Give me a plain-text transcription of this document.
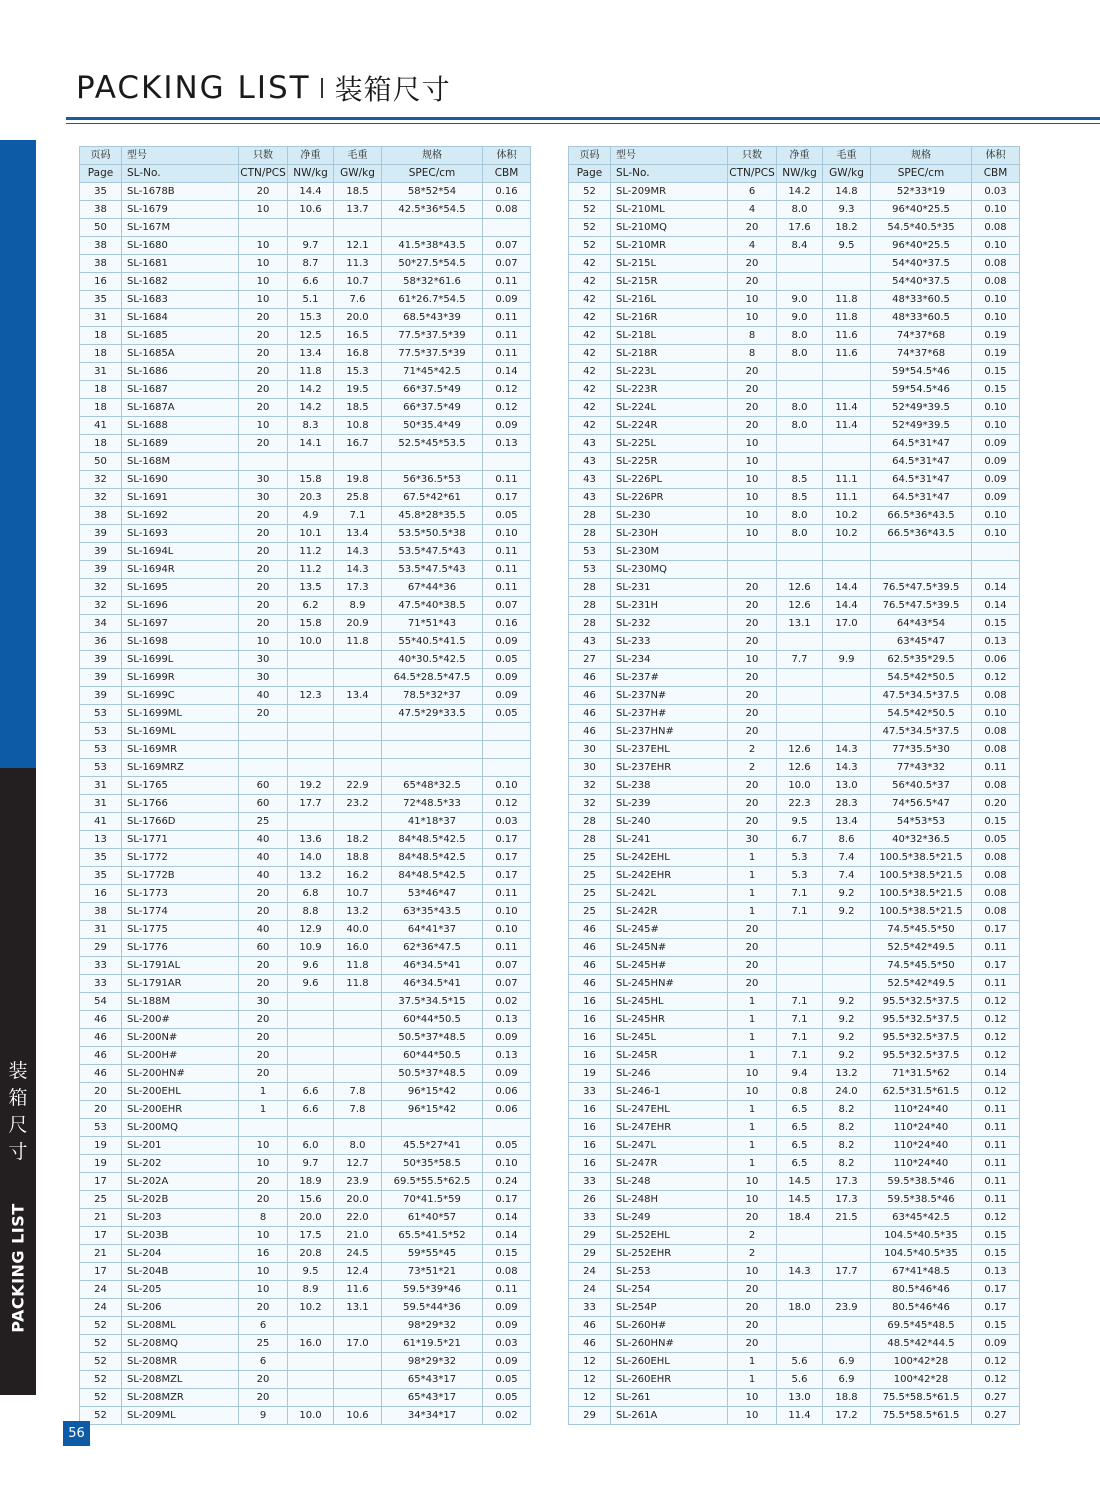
PACKING LIST 装箱尺寸
装
箱
尺
寸
PACKING LIST
页码	型号	只数	净重	毛重	规格	体积
Page	SL-No.	CTN/PCS	NW/kg	GW/kg	SPEC/cm	CBM
35	SL-1678B	20	14.4	18.5	58*52*54	0.16
38	SL-1679	10	10.6	13.7	42.5*36*54.5	0.08
50	SL-167M					
38	SL-1680	10	9.7	12.1	41.5*38*43.5	0.07
38	SL-1681	10	8.7	11.3	50*27.5*54.5	0.07
16	SL-1682	10	6.6	10.7	58*32*61.6	0.11
35	SL-1683	10	5.1	7.6	61*26.7*54.5	0.09
31	SL-1684	20	15.3	20.0	68.5*43*39	0.11
18	SL-1685	20	12.5	16.5	77.5*37.5*39	0.11
18	SL-1685A	20	13.4	16.8	77.5*37.5*39	0.11
31	SL-1686	20	11.8	15.3	71*45*42.5	0.14
18	SL-1687	20	14.2	19.5	66*37.5*49	0.12
18	SL-1687A	20	14.2	18.5	66*37.5*49	0.12
41	SL-1688	10	8.3	10.8	50*35.4*49	0.09
18	SL-1689	20	14.1	16.7	52.5*45*53.5	0.13
50	SL-168M					
32	SL-1690	30	15.8	19.8	56*36.5*53	0.11
32	SL-1691	30	20.3	25.8	67.5*42*61	0.17
38	SL-1692	20	4.9	7.1	45.8*28*35.5	0.05
39	SL-1693	20	10.1	13.4	53.5*50.5*38	0.10
39	SL-1694L	20	11.2	14.3	53.5*47.5*43	0.11
39	SL-1694R	20	11.2	14.3	53.5*47.5*43	0.11
32	SL-1695	20	13.5	17.3	67*44*36	0.11
32	SL-1696	20	6.2	8.9	47.5*40*38.5	0.07
34	SL-1697	20	15.8	20.9	71*51*43	0.16
36	SL-1698	10	10.0	11.8	55*40.5*41.5	0.09
39	SL-1699L	30			40*30.5*42.5	0.05
39	SL-1699R	30			64.5*28.5*47.5	0.09
39	SL-1699C	40	12.3	13.4	78.5*32*37	0.09
53	SL-1699ML	20			47.5*29*33.5	0.05
53	SL-169ML					
53	SL-169MR					
53	SL-169MRZ					
31	SL-1765	60	19.2	22.9	65*48*32.5	0.10
31	SL-1766	60	17.7	23.2	72*48.5*33	0.12
41	SL-1766D	25			41*18*37	0.03
13	SL-1771	40	13.6	18.2	84*48.5*42.5	0.17
35	SL-1772	40	14.0	18.8	84*48.5*42.5	0.17
35	SL-1772B	40	13.2	16.2	84*48.5*42.5	0.17
16	SL-1773	20	6.8	10.7	53*46*47	0.11
38	SL-1774	20	8.8	13.2	63*35*43.5	0.10
31	SL-1775	40	12.9	40.0	64*41*37	0.10
29	SL-1776	60	10.9	16.0	62*36*47.5	0.11
33	SL-1791AL	20	9.6	11.8	46*34.5*41	0.07
33	SL-1791AR	20	9.6	11.8	46*34.5*41	0.07
54	SL-188M	30			37.5*34.5*15	0.02
46	SL-200#	20			60*44*50.5	0.13
46	SL-200N#	20			50.5*37*48.5	0.09
46	SL-200H#	20			60*44*50.5	0.13
46	SL-200HN#	20			50.5*37*48.5	0.09
20	SL-200EHL	1	6.6	7.8	96*15*42	0.06
20	SL-200EHR	1	6.6	7.8	96*15*42	0.06
53	SL-200MQ					
19	SL-201	10	6.0	8.0	45.5*27*41	0.05
19	SL-202	10	9.7	12.7	50*35*58.5	0.10
17	SL-202A	20	18.9	23.9	69.5*55.5*62.5	0.24
25	SL-202B	20	15.6	20.0	70*41.5*59	0.17
21	SL-203	8	20.0	22.0	61*40*57	0.14
17	SL-203B	10	17.5	21.0	65.5*41.5*52	0.14
21	SL-204	16	20.8	24.5	59*55*45	0.15
17	SL-204B	10	9.5	12.4	73*51*21	0.08
24	SL-205	10	8.9	11.6	59.5*39*46	0.11
24	SL-206	20	10.2	13.1	59.5*44*36	0.09
52	SL-208ML	6			98*29*32	0.09
52	SL-208MQ	25	16.0	17.0	61*19.5*21	0.03
52	SL-208MR	6			98*29*32	0.09
52	SL-208MZL	20			65*43*17	0.05
52	SL-208MZR	20			65*43*17	0.05
52	SL-209ML	9	10.0	10.6	34*34*17	0.02
页码	型号	只数	净重	毛重	规格	体积
Page	SL-No.	CTN/PCS	NW/kg	GW/kg	SPEC/cm	CBM
52	SL-209MR	6	14.2	14.8	52*33*19	0.03
52	SL-210ML	4	8.0	9.3	96*40*25.5	0.10
52	SL-210MQ	20	17.6	18.2	54.5*40.5*35	0.08
52	SL-210MR	4	8.4	9.5	96*40*25.5	0.10
42	SL-215L	20			54*40*37.5	0.08
42	SL-215R	20			54*40*37.5	0.08
42	SL-216L	10	9.0	11.8	48*33*60.5	0.10
42	SL-216R	10	9.0	11.8	48*33*60.5	0.10
42	SL-218L	8	8.0	11.6	74*37*68	0.19
42	SL-218R	8	8.0	11.6	74*37*68	0.19
42	SL-223L	20			59*54.5*46	0.15
42	SL-223R	20			59*54.5*46	0.15
42	SL-224L	20	8.0	11.4	52*49*39.5	0.10
42	SL-224R	20	8.0	11.4	52*49*39.5	0.10
43	SL-225L	10			64.5*31*47	0.09
43	SL-225R	10			64.5*31*47	0.09
43	SL-226PL	10	8.5	11.1	64.5*31*47	0.09
43	SL-226PR	10	8.5	11.1	64.5*31*47	0.09
28	SL-230	10	8.0	10.2	66.5*36*43.5	0.10
28	SL-230H	10	8.0	10.2	66.5*36*43.5	0.10
53	SL-230M					
53	SL-230MQ					
28	SL-231	20	12.6	14.4	76.5*47.5*39.5	0.14
28	SL-231H	20	12.6	14.4	76.5*47.5*39.5	0.14
28	SL-232	20	13.1	17.0	64*43*54	0.15
43	SL-233	20			63*45*47	0.13
27	SL-234	10	7.7	9.9	62.5*35*29.5	0.06
46	SL-237#	20			54.5*42*50.5	0.12
46	SL-237N#	20			47.5*34.5*37.5	0.08
46	SL-237H#	20			54.5*42*50.5	0.10
46	SL-237HN#	20			47.5*34.5*37.5	0.08
30	SL-237EHL	2	12.6	14.3	77*35.5*30	0.08
30	SL-237EHR	2	12.6	14.3	77*43*32	0.11
32	SL-238	20	10.0	13.0	56*40.5*37	0.08
32	SL-239	20	22.3	28.3	74*56.5*47	0.20
28	SL-240	20	9.5	13.4	54*53*53	0.15
28	SL-241	30	6.7	8.6	40*32*36.5	0.05
25	SL-242EHL	1	5.3	7.4	100.5*38.5*21.5	0.08
25	SL-242EHR	1	5.3	7.4	100.5*38.5*21.5	0.08
25	SL-242L	1	7.1	9.2	100.5*38.5*21.5	0.08
25	SL-242R	1	7.1	9.2	100.5*38.5*21.5	0.08
46	SL-245#	20			74.5*45.5*50	0.17
46	SL-245N#	20			52.5*42*49.5	0.11
46	SL-245H#	20			74.5*45.5*50	0.17
46	SL-245HN#	20			52.5*42*49.5	0.11
16	SL-245HL	1	7.1	9.2	95.5*32.5*37.5	0.12
16	SL-245HR	1	7.1	9.2	95.5*32.5*37.5	0.12
16	SL-245L	1	7.1	9.2	95.5*32.5*37.5	0.12
16	SL-245R	1	7.1	9.2	95.5*32.5*37.5	0.12
19	SL-246	10	9.4	13.2	71*31.5*62	0.14
33	SL-246-1	10	0.8	24.0	62.5*31.5*61.5	0.12
16	SL-247EHL	1	6.5	8.2	110*24*40	0.11
16	SL-247EHR	1	6.5	8.2	110*24*40	0.11
16	SL-247L	1	6.5	8.2	110*24*40	0.11
16	SL-247R	1	6.5	8.2	110*24*40	0.11
33	SL-248	10	14.5	17.3	59.5*38.5*46	0.11
26	SL-248H	10	14.5	17.3	59.5*38.5*46	0.11
33	SL-249	20	18.4	21.5	63*45*42.5	0.12
29	SL-252EHL	2			104.5*40.5*35	0.15
29	SL-252EHR	2			104.5*40.5*35	0.15
24	SL-253	10	14.3	17.7	67*41*48.5	0.13
24	SL-254	20			80.5*46*46	0.17
33	SL-254P	20	18.0	23.9	80.5*46*46	0.17
46	SL-260H#	20			69.5*45*48.5	0.15
46	SL-260HN#	20			48.5*42*44.5	0.09
12	SL-260EHL	1	5.6	6.9	100*42*28	0.12
12	SL-260EHR	1	5.6	6.9	100*42*28	0.12
12	SL-261	10	13.0	18.8	75.5*58.5*61.5	0.27
29	SL-261A	10	11.4	17.2	75.5*58.5*61.5	0.27
56
